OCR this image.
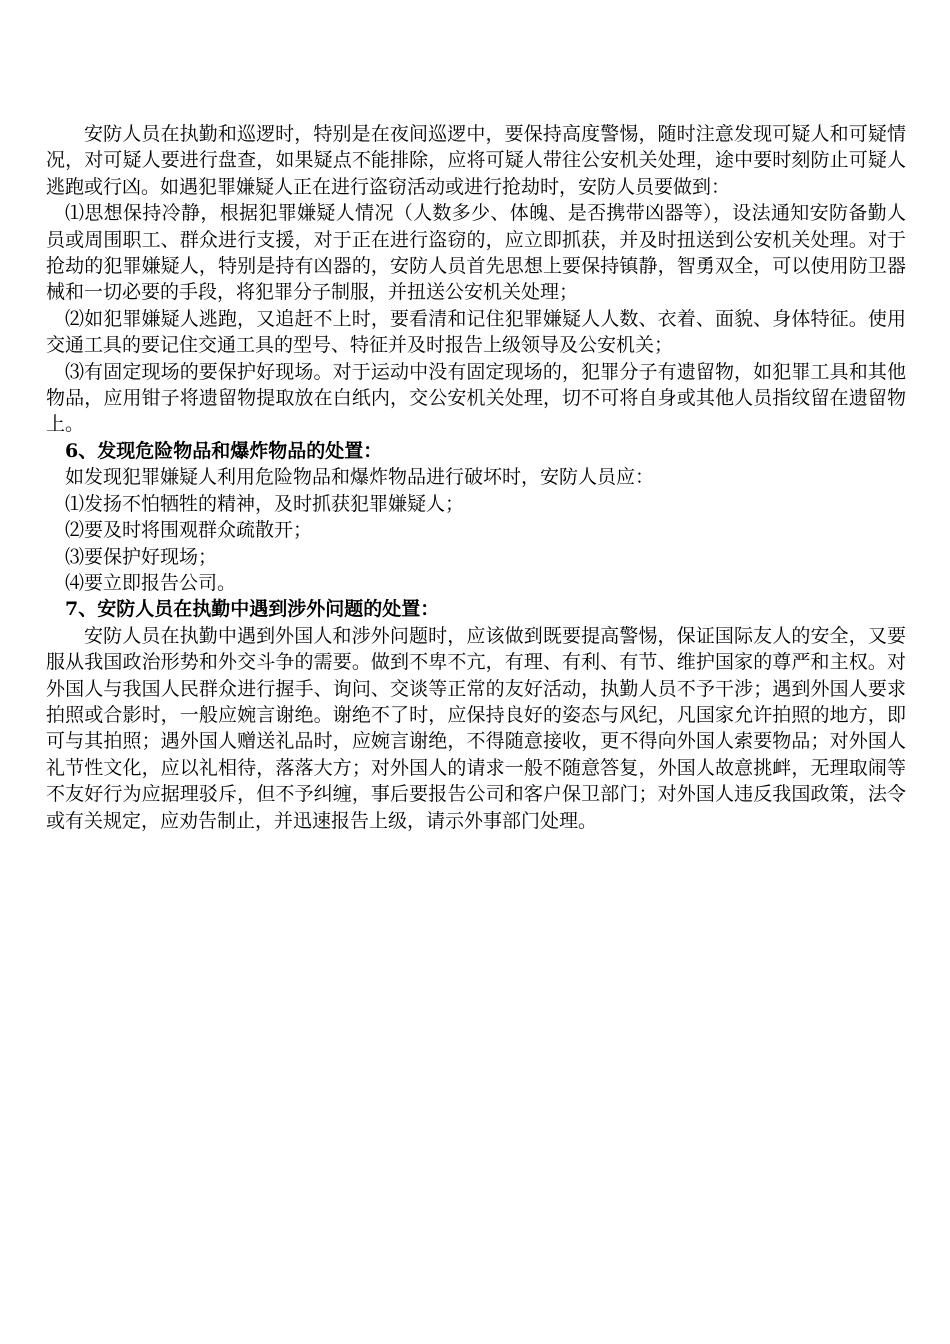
安防人员在执勤和巡逻时，特别是在夜间巡逻中，要保持高度警惕，随时注意发现可疑人和可疑情况，对可疑人要进行盘查，如果疑点不能排除，应将可疑人带往公安机关处理，途中要时刻防止可疑人逃跑或行凶。如遇犯罪嫌疑人正在进行盗窃活动或进行抢劫时，安防人员要做到：

⑴思想保持冷静，根据犯罪嫌疑人情况（人数多少、体魄、是否携带凶器等），设法通知安防备勤人员或周围职工、群众进行支援，对于正在进行盗窃的，应立即抓获，并及时扭送到公安机关处理。对于抢劫的犯罪嫌疑人，特别是持有凶器的，安防人员首先思想上要保持镇静，智勇双全，可以使用防卫器械和一切必要的手段，将犯罪分子制服，并扭送公安机关处理；

⑵如犯罪嫌疑人逃跑，又追赶不上时，要看清和记住犯罪嫌疑人人数、衣着、面貌、身体特征。使用交通工具的要记住交通工具的型号、特征并及时报告上级领导及公安机关；

⑶有固定现场的要保护好现场。对于运动中没有固定现场的，犯罪分子有遗留物，如犯罪工具和其他物品，应用钳子将遗留物提取放在白纸内，交公安机关处理，切不可将自身或其他人员指纹留在遗留物上。

6、发现危险物品和爆炸物品的处置：

如发现犯罪嫌疑人利用危险物品和爆炸物品进行破坏时，安防人员应：

⑴发扬不怕牺牲的精神，及时抓获犯罪嫌疑人；

⑵要及时将围观群众疏散开；

⑶要保护好现场；

⑷要立即报告公司。

7、安防人员在执勤中遇到涉外问题的处置：

安防人员在执勤中遇到外国人和涉外问题时，应该做到既要提高警惕，保证国际友人的安全，又要服从我国政治形势和外交斗争的需要。做到不卑不亢，有理、有利、有节、维护国家的尊严和主权。对外国人与我国人民群众进行握手、询问、交谈等正常的友好活动，执勤人员不予干涉；遇到外国人要求拍照或合影时，一般应婉言谢绝。谢绝不了时，应保持良好的姿态与风纪，凡国家允许拍照的地方，即可与其拍照；遇外国人赠送礼品时，应婉言谢绝，不得随意接收，更不得向外国人索要物品；对外国人礼节性文化，应以礼相待，落落大方；对外国人的请求一般不随意答复，外国人故意挑衅，无理取闹等不友好行为应据理驳斥，但不予纠缠，事后要报告公司和客户保卫部门；对外国人违反我国政策，法令或有关规定，应劝告制止，并迅速报告上级，请示外事部门处理。
